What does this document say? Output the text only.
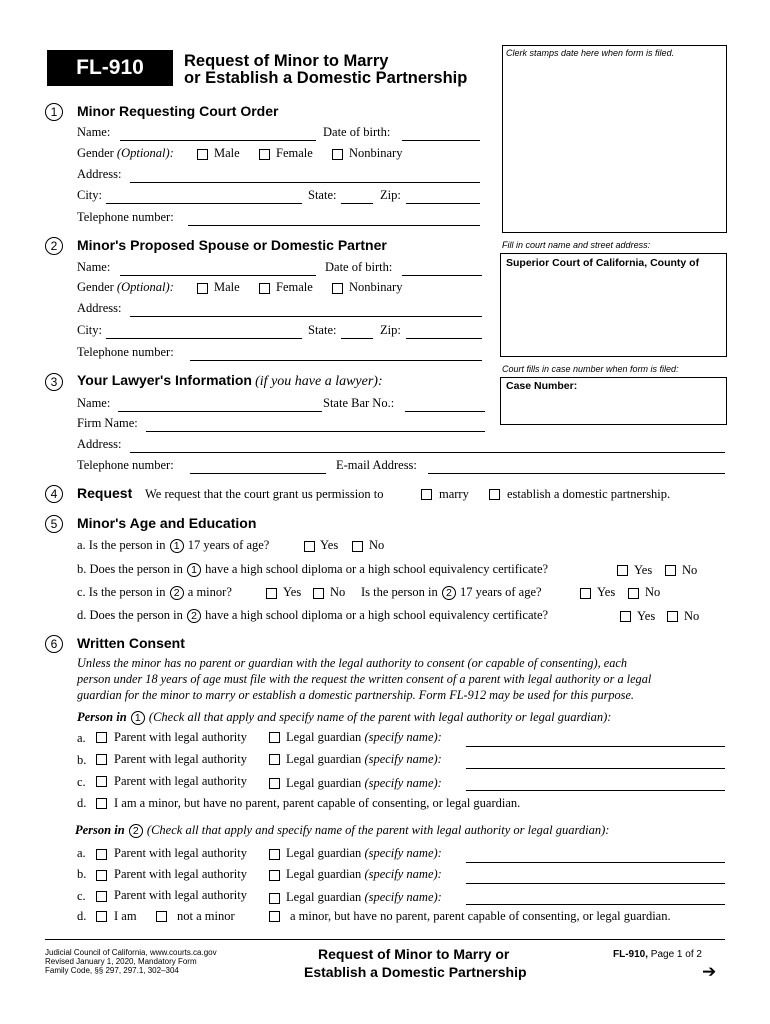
FL-910	Request of Minor to Marry
or Establish a Domestic Partnership
Clerk stamps date here when form is filed.
Fill in court name and street address:
Superior Court of California, County of
Court fills in case number when form is filed:
Case Number:
1	Minor Requesting Court Order
Name:	Date of birth:
Gender (Optional):	Male	Female	Nonbinary
Address:
City:	State:	Zip:
Telephone number:
2	Minor's Proposed Spouse or Domestic Partner
Name:	Date of birth:
Gender (Optional):	Male	Female	Nonbinary
Address:
City:	State:	Zip:
Telephone number:
3	Your Lawyer's Information (if you have a lawyer):
Name:	State Bar No.:
Firm Name:
Address:
Telephone number:	E-mail Address:
4	Request We request that the court grant us permission to	marry	establish a domestic partnership.
5	Minor's Age and Education
a. Is the person in 1 17 years of age?	Yes No
b. Does the person in 1 have a high school diploma or a high school equivalency certificate?	Yes No
c. Is the person in 2 a minor?	Yes No Is the person in 2 17 years of age?	Yes No
d. Does the person in 2 have a high school diploma or a high school equivalency certificate?	Yes No
6	Written Consent
Unless the minor has no parent or guardian with the legal authority to consent (or capable of consenting), each
person under 18 years of age must file with the request the written consent of a parent with legal authority or a legal
guardian for the minor to marry or establish a domestic partnership. Form FL-912 may be used for this purpose.
Person in 1 (Check all that apply and specify name of the parent with legal authority or legal guardian):
a. Parent with legal authority	Legal guardian (specify name):
b. Parent with legal authority	Legal guardian (specify name):
c. Parent with legal authority	Legal guardian (specify name):
d. I am a minor, but have no parent, parent capable of consenting, or legal guardian.
Person in 2 (Check all that apply and specify name of the parent with legal authority or legal guardian):
a. Parent with legal authority	Legal guardian (specify name):
b. Parent with legal authority	Legal guardian (specify name):
c. Parent with legal authority	Legal guardian (specify name):
d. I am	not a minor	a minor, but have no parent, parent capable of consenting, or legal guardian.
Judicial Council of California, www.courts.ca.gov
Revised January 1, 2020, Mandatory Form
Family Code, §§ 297, 297.1, 302–304
Request of Minor to Marry or
Establish a Domestic Partnership
FL-910, Page 1 of 2
➔
